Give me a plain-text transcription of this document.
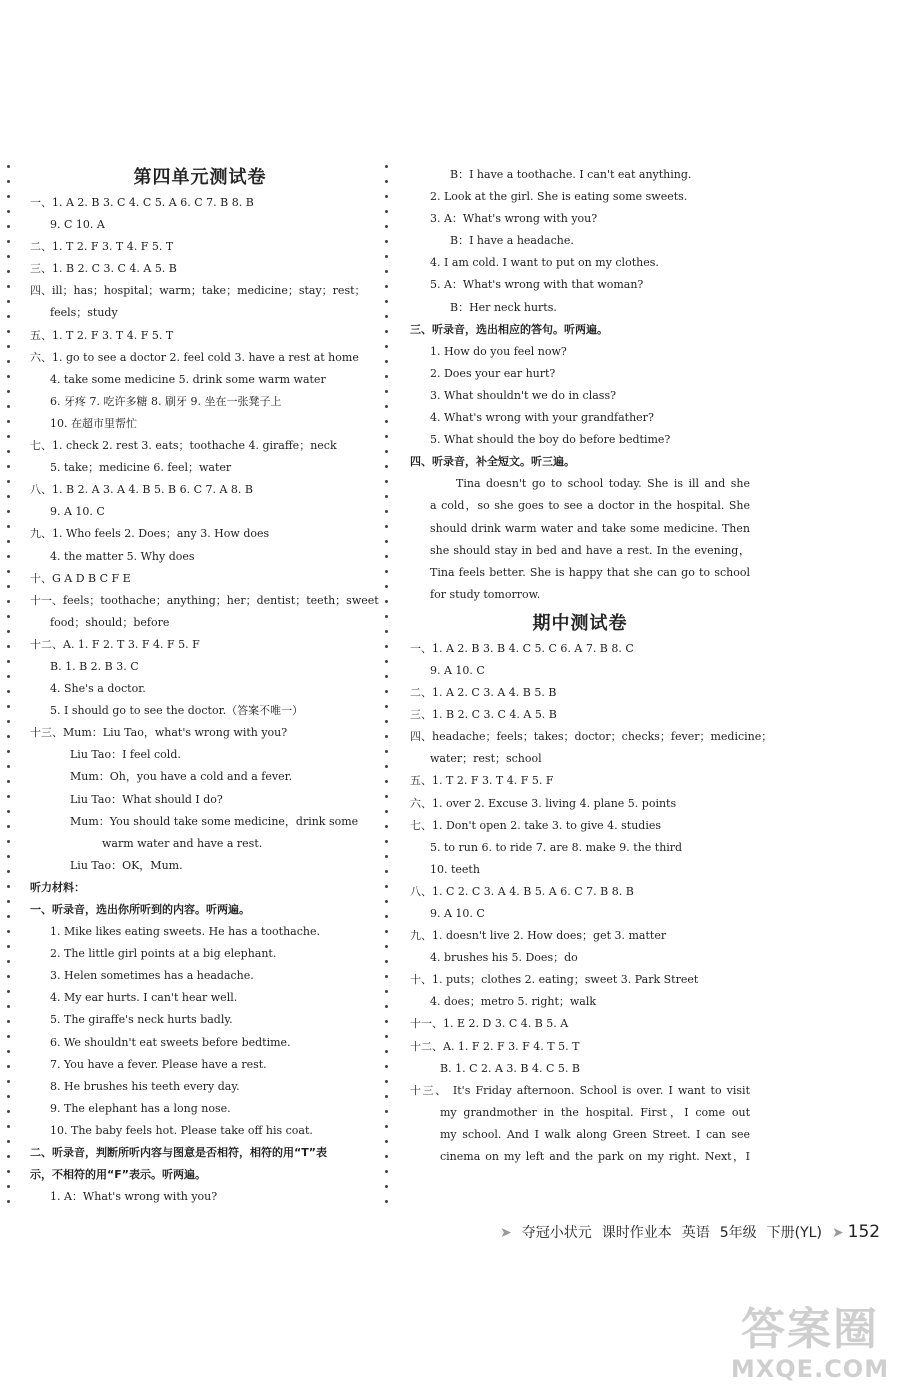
第四单元测试卷
一、1. A 2. B 3. C 4. C 5. A 6. C 7. B 8. B
9. C 10. A
二、1. T 2. F 3. T 4. F 5. T
三、1. B 2. C 3. C 4. A 5. B
四、ill；has；hospital；warm；take；medicine；stay；rest；
feels；study
五、1. T 2. F 3. T 4. F 5. T
六、1. go to see a doctor 2. feel cold 3. have a rest at home
4. take some medicine 5. drink some warm water
6. 牙疼 7. 吃许多糖 8. 刷牙 9. 坐在一张凳子上
10. 在超市里帮忙
七、1. check 2. rest 3. eats；toothache 4. giraffe；neck
5. take；medicine 6. feel；water
八、1. B 2. A 3. A 4. B 5. B 6. C 7. A 8. B
9. A 10. C
九、1. Who feels 2. Does；any 3. How does
4. the matter 5. Why does
十、G A D B C F E
十一、feels；toothache；anything；her；dentist；teeth；sweet
food；should；before
十二、A. 1. F 2. T 3. F 4. F 5. F
B. 1. B 2. B 3. C
4. She's a doctor.
5. I should go to see the doctor.（答案不唯一）
十三、Mum：Liu Tao，what's wrong with you?
Liu Tao：I feel cold.
Mum：Oh，you have a cold and a fever.
Liu Tao：What should I do?
Mum：You should take some medicine，drink some
warm water and have a rest.
Liu Tao：OK，Mum.
听力材料：
一、听录音，选出你所听到的内容。听两遍。
1. Mike likes eating sweets. He has a toothache.
2. The little girl points at a big elephant.
3. Helen sometimes has a headache.
4. My ear hurts. I can't hear well.
5. The giraffe's neck hurts badly.
6. We shouldn't eat sweets before bedtime.
7. You have a fever. Please have a rest.
8. He brushes his teeth every day.
9. The elephant has a long nose.
10. The baby feels hot. Please take off his coat.
二、听录音，判断所听内容与图意是否相符，相符的用“T”表
示，不相符的用“F”表示。听两遍。
1. A：What's wrong with you?
B：I have a toothache. I can't eat anything.
2. Look at the girl. She is eating some sweets.
3. A：What's wrong with you?
B：I have a headache.
4. I am cold. I want to put on my clothes.
5. A：What's wrong with that woman?
B：Her neck hurts.
三、听录音，选出相应的答句。听两遍。
1. How do you feel now?
2. Does your ear hurt?
3. What shouldn't we do in class?
4. What's wrong with your grandfather?
5. What should the boy do before bedtime?
四、听录音，补全短文。听三遍。
Tina doesn't go to school today. She is ill and she
a cold，so she goes to see a doctor in the hospital. She
should drink warm water and take some medicine. Then
she should stay in bed and have a rest. In the evening，
Tina feels better. She is happy that she can go to school
for study tomorrow.
期中测试卷
一、1. A 2. B 3. B 4. C 5. C 6. A 7. B 8. C
9. A 10. C
二、1. A 2. C 3. A 4. B 5. B
三、1. B 2. C 3. C 4. A 5. B
四、headache；feels；takes；doctor；checks；fever；medicine；
water；rest；school
五、1. T 2. F 3. T 4. F 5. F
六、1. over 2. Excuse 3. living 4. plane 5. points
七、1. Don't open 2. take 3. to give 4. studies
5. to run 6. to ride 7. are 8. make 9. the third
10. teeth
八、1. C 2. C 3. A 4. B 5. A 6. C 7. B 8. B
9. A 10. C
九、1. doesn't live 2. How does；get 3. matter
4. brushes his 5. Does；do
十、1. puts；clothes 2. eating；sweet 3. Park Street
4. does；metro 5. right；walk
十一、1. E 2. D 3. C 4. B 5. A
十二、A. 1. F 2. F 3. F 4. T 5. T
B. 1. C 2. A 3. B 4. C 5. B
十三、 It's Friday afternoon. School is over. I want to visit
my grandmother in the hospital. First，I come out
my school. And I walk along Green Street. I can see
cinema on my left and the park on my right. Next，I
➤ 夺冠小状元 课时作业本 英语 5年级 下册(YL) ➤ 152
答案圈
MXQE.COM
